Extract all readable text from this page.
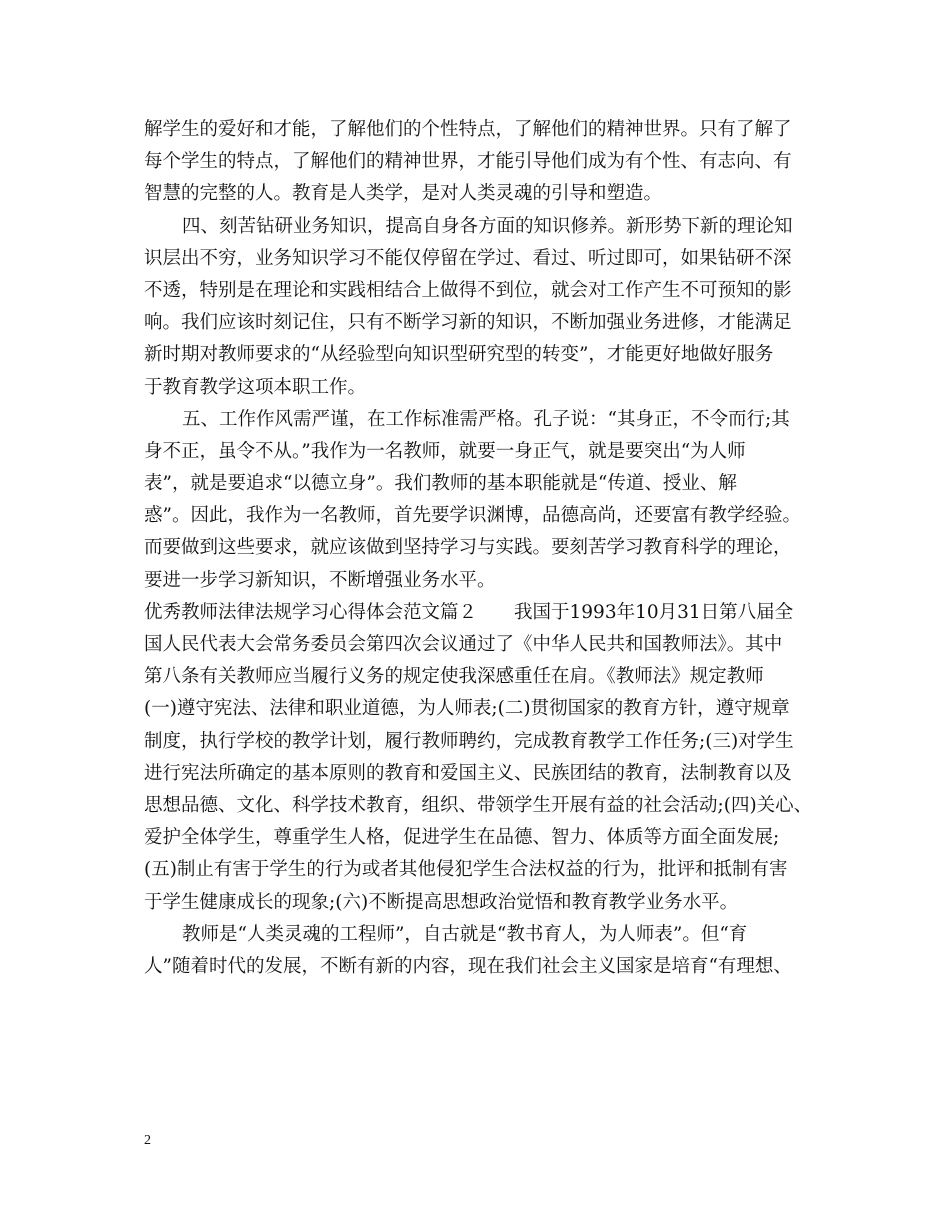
解学生的爱好和才能，了解他们的个性特点，了解他们的精神世界。只有了解了
每个学生的特点，了解他们的精神世界，才能引导他们成为有个性、有志向、有
智慧的完整的人。教育是人类学，是对人类灵魂的引导和塑造。
四、刻苦钻研业务知识，提高自身各方面的知识修养。新形势下新的理论知
识层出不穷，业务知识学习不能仅停留在学过、看过、听过即可，如果钻研不深
不透，特别是在理论和实践相结合上做得不到位，就会对工作产生不可预知的影
响。我们应该时刻记住，只有不断学习新的知识，不断加强业务进修，才能满足
新时期对教师要求的“从经验型向知识型研究型的转变”，才能更好地做好服务
于教育教学这项本职工作。
五、工作作风需严谨，在工作标准需严格。孔子说：“其身正，不令而行;其
身不正，虽令不从。”我作为一名教师，就要一身正气，就是要突出“为人师
表”，就是要追求“以德立身”。我们教师的基本职能就是“传道、授业、解
惑”。因此，我作为一名教师，首先要学识渊博，品德高尚，还要富有教学经验。
而要做到这些要求，就应该做到坚持学习与实践。要刻苦学习教育科学的理论，
要进一步学习新知识，不断增强业务水平。
优秀教师法律法规学习心得体会范文篇２　　我国于1993年10月31日第八届全
国人民代表大会常务委员会第四次会议通过了《中华人民共和国教师法》。其中
第八条有关教师应当履行义务的规定使我深感重任在肩。《教师法》规定教师
(一)遵守宪法、法律和职业道德，为人师表;(二)贯彻国家的教育方针，遵守规章
制度，执行学校的教学计划，履行教师聘约，完成教育教学工作任务;(三)对学生
进行宪法所确定的基本原则的教育和爱国主义、民族团结的教育，法制教育以及
思想品德、文化、科学技术教育，组织、带领学生开展有益的社会活动;(四)关心、
爱护全体学生，尊重学生人格，促进学生在品德、智力、体质等方面全面发展;
(五)制止有害于学生的行为或者其他侵犯学生合法权益的行为，批评和抵制有害
于学生健康成长的现象;(六)不断提高思想政治觉悟和教育教学业务水平。
教师是“人类灵魂的工程师”，自古就是“教书育人，为人师表”。但“育
人”随着时代的发展，不断有新的内容，现在我们社会主义国家是培育“有理想、
2
